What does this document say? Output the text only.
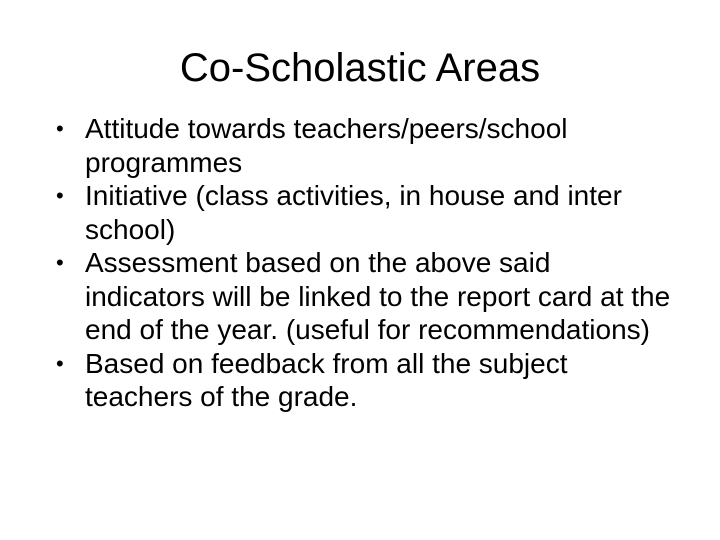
Co-Scholastic Areas
• Attitude towards teachers/peers/school programmes
• Initiative (class activities, in house and inter school)
• Assessment based on the above said indicators will be linked to the report card at the end of the year. (useful for recommendations)
• Based on feedback from all the subject teachers of the grade.
